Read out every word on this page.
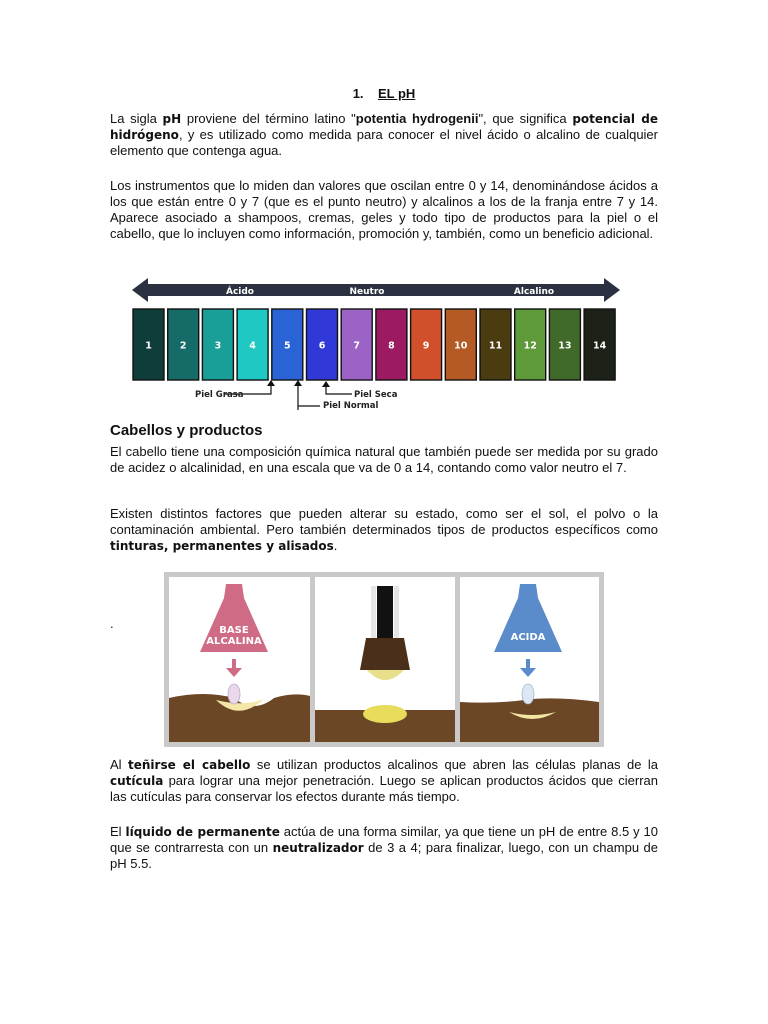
1. EL pH

La sigla pH proviene del término latino "potentia hydrogenii", que significa potencial de hidrógeno, y es utilizado como medida para conocer el nivel ácido o alcalino de cualquier elemento que contenga agua.

Los instrumentos que lo miden dan valores que oscilan entre 0 y 14, denominándose ácidos a los que están entre 0 y 7 (que es el punto neutro) y alcalinos a los de la franja entre 7 y 14. Aparece asociado a shampoos, cremas, geles y todo tipo de productos para la piel o el cabello, que lo incluyen como información, promoción y, también, como un beneficio adicional.

Cabellos y productos

El cabello tiene una composición química natural que también puede ser medida por su grado de acidez o alcalinidad, en una escala que va de 0 a 14, contando como valor neutro el 7.

Existen distintos factores que pueden alterar su estado, como ser el sol, el polvo o la contaminación ambiental. Pero también determinados tipos de productos específicos como tinturas, permanentes y alisados.

.

Al teñirse el cabello se utilizan productos alcalinos que abren las células planas de la cutícula para lograr una mejor penetración. Luego se aplican productos ácidos que cierran las cutículas para conservar los efectos durante más tiempo.

El líquido de permanente actúa de una forma similar, ya que tiene un pH de entre 8.5 y 10 que se contrarresta con un neutralizador de 3 a 4; para finalizar, luego, con un champu de pH 5.5.

Ácido	Neutro	Alcalino
1	2	3	4	5	6	7	8	9	10 11 12 13 14
Piel Grasa	Piel Seca
Piel Normal
BASE
ALCALINA	ACIDA
